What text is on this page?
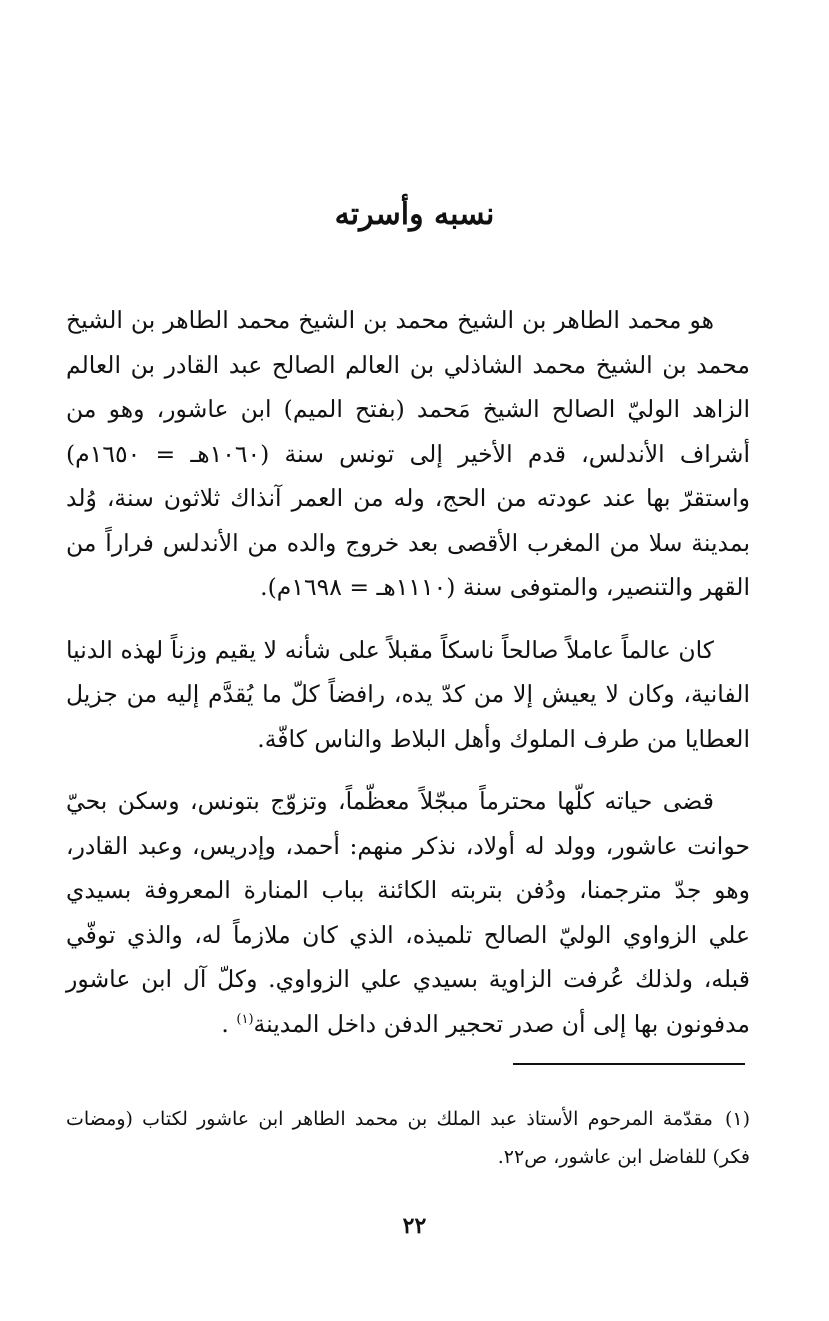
نسبه وأسرته

هو محمد الطاهر بن الشيخ محمد بن الشيخ محمد الطاهر بن الشيخ محمد بن الشيخ محمد الشاذلي بن العالم الصالح عبد القادر بن العالم الزاهد الوليّ الصالح الشيخ مَحمد (بفتح الميم) ابن عاشور، وهو من أشراف الأندلس، قدم الأخير إلى تونس سنة (١٠٦٠هـ = ١٦٥٠م) واستقرّ بها عند عودته من الحج، وله من العمر آنذاك ثلاثون سنة، وُلد بمدينة سلا من المغرب الأقصى بعد خروج والده من الأندلس فراراً من القهر والتنصير، والمتوفى سنة (١١١٠هـ = ١٦٩٨م).

كان عالماً عاملاً صالحاً ناسكاً مقبلاً على شأنه لا يقيم وزناً لهذه الدنيا الفانية، وكان لا يعيش إلا من كدّ يده، رافضاً كلّ ما يُقدَّم إليه من جزيل العطايا من طرف الملوك وأهل البلاط والناس كافّة.

قضى حياته كلّها محترماً مبجّلاً معظّماً، وتزوّج بتونس، وسكن بحيّ حوانت عاشور، وولد له أولاد، نذكر منهم: أحمد، وإدريس، وعبد القادر، وهو جدّ مترجمنا، ودُفن بتربته الكائنة بباب المنارة المعروفة بسيدي علي الزواوي الوليّ الصالح تلميذه، الذي كان ملازماً له، والذي توفّي قبله، ولذلك عُرفت الزاوية بسيدي علي الزواوي. وكلّ آل ابن عاشور مدفونون بها إلى أن صدر تحجير الدفن داخل المدينة$^{(١)}$ .

(١)مقدّمة المرحوم الأستاذ عبد الملك بن محمد الطاهر ابن عاشور لكتاب (ومضات فكر) للفاضل ابن عاشور، ص٢٢.
٢٢
